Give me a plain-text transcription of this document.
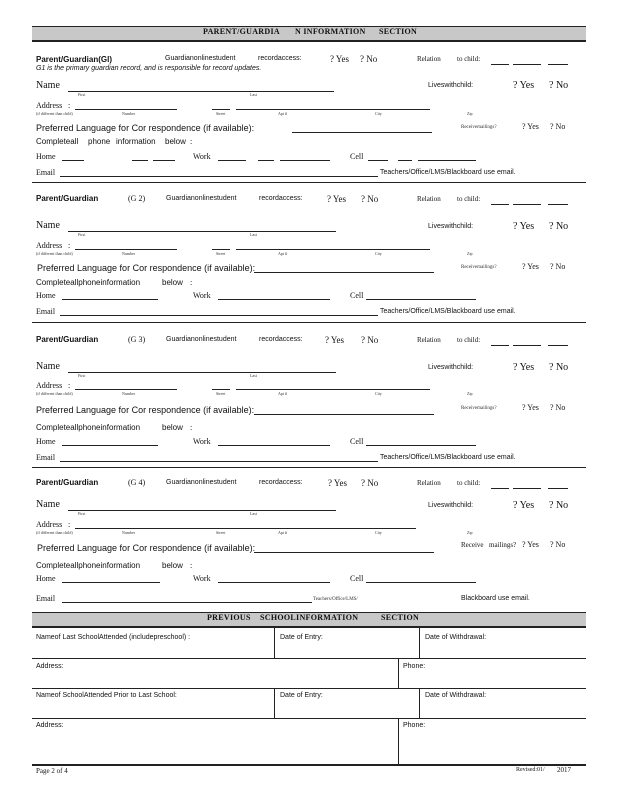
PARENT/GUARDIA N INFORMATION SECTION
Parent/Guardian(Gl)	Guardianonlinestudent	recordaccess:	? Yes ? No	Relation to child:
G1 is the primary guardian record, and is responsible for record updates.
Name
First	Last
Liveswithchild:	? Yes ? No
Address :
(if different than child)	Number	Street	Apt #	City	Zip
Preferred Language for Cor respondence (if available):	Receivemailings?	? Yes ? No
Completeall phone information below :
Home	Work	Cell
Email	Teachers/Office/LMS/Blackboard use email.
Parent/Guardian	(G 2)	Guardianonlinestudent	recordaccess:	? Yes ? No	Relation to child:
Name
First	Last
Liveswithchild:	? Yes ? No
Address :
(if different than child)	Number	Street	Apt #	City	Zip
Preferred Language for Cor respondence (if available):	Receivemailings?	? Yes ? No
Completeallphoneinformation	below :
Home	Work	Cell
Email	Teachers/Office/LMS/Blackboard use email.
Parent/Guardian	(G 3)	Guardianonlinestudent	recordaccess: ? Yes ? No	Relation to child:
Name
First	Last
Liveswithchild:	? Yes ? No
Address :
(if different than child)	Number	Street	Apt #	City	Zip
Preferred Language for Cor respondence (if available):	Receivemailings?	? Yes ? No
Completeallphoneinformation	below :
Home	Work	Cell
Email	Teachers/Office/LMS/Blackboard use email.
Parent/Guardian	(G 4)	Guardianonlinestudent	recordaccess:	? Yes ? No	Relation to child:
Name
First	Last
Liveswithchild:	? Yes ? No
Address :
(if different than child)	Number	Street	Apt #	City	Zip
Preferred Language for Cor respondence (if available):	Receive mailings? ? Yes ? No
Completeallphoneinformation	below :
Home	Work	Cell
Email	Teachers/Office/LMS/	Blackboard use email.
PREVIOUS SCHOOLINFORMATION	SECTION
Nameof Last SchoolAttended (includepreschool) :	Date of Entry:	Date of Withdrawal:
Address:	Phone:
Nameof SchoolAttended Prior to Last School:	Date of Entry:	Date of Withdrawal:
Address:	Phone:
Page 2 of 4	Revised:01/ 2017
